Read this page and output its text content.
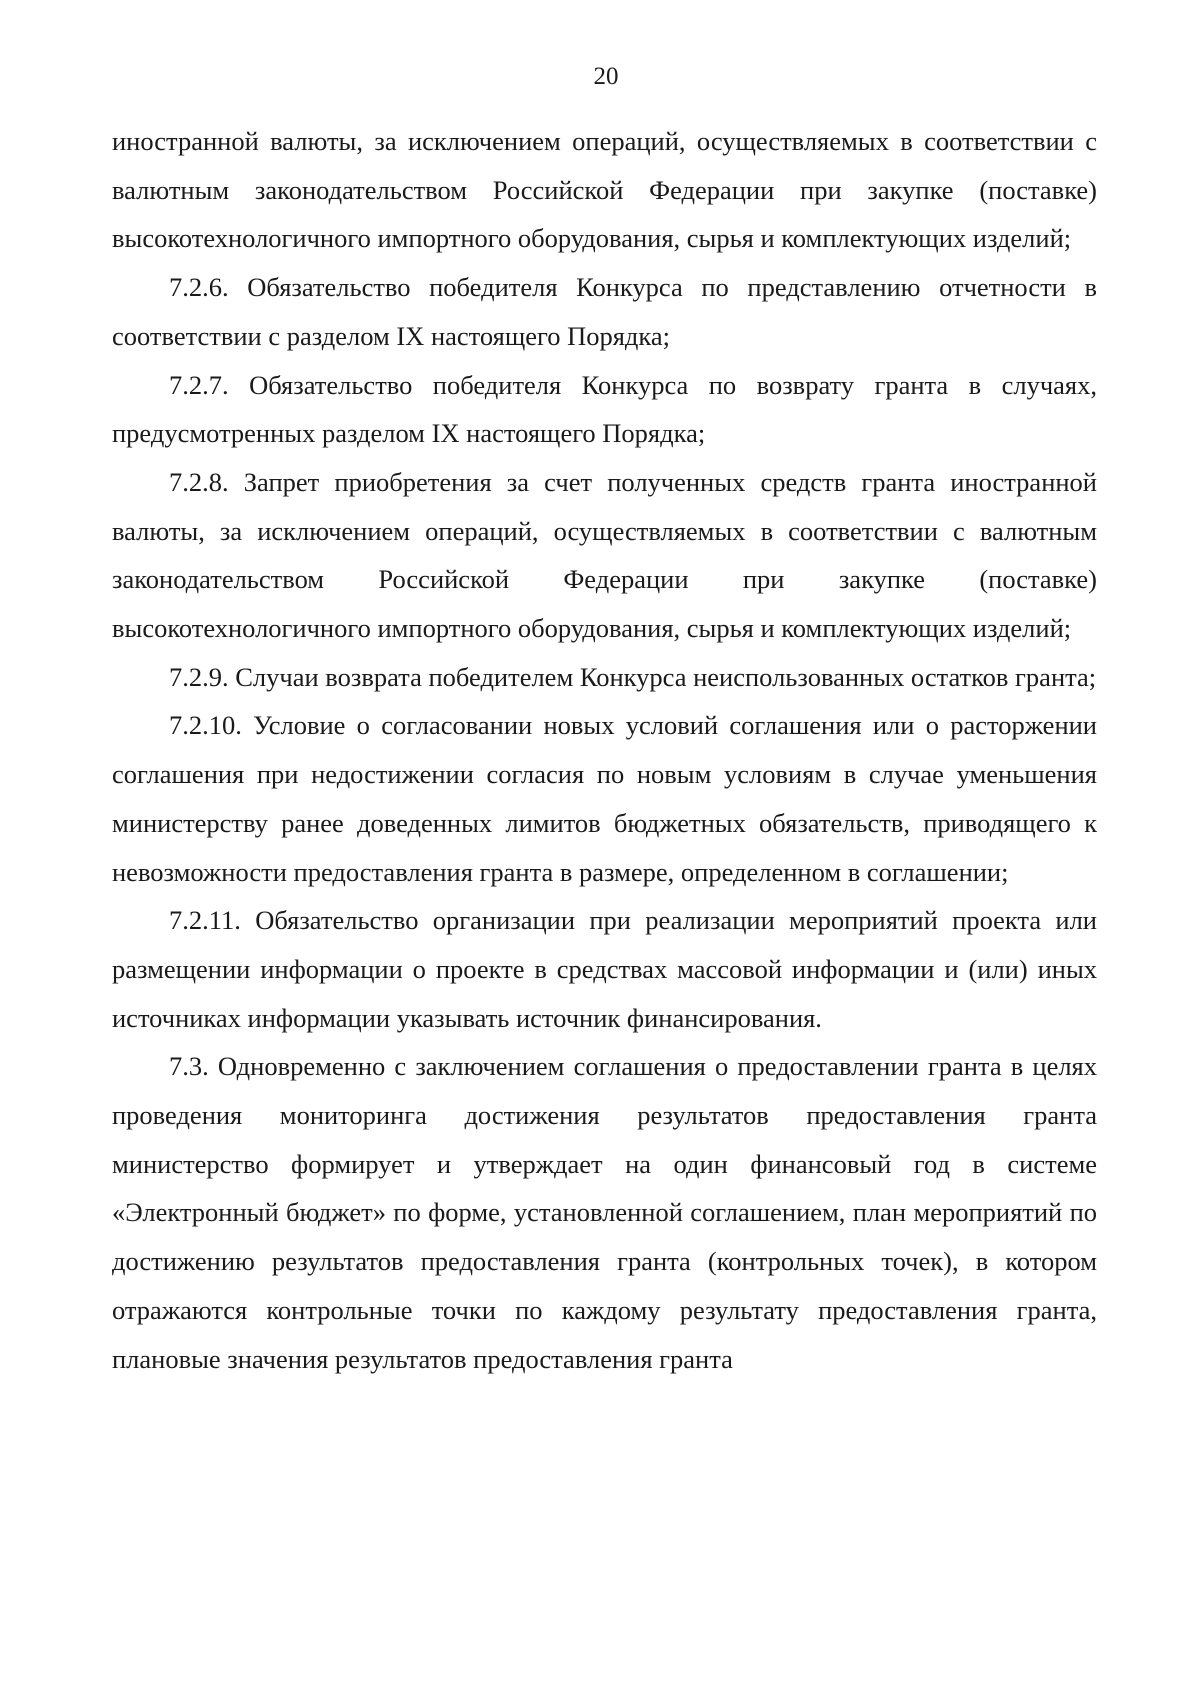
20

иностранной валюты, за исключением операций, осуществляемых в соответствии с валютным законодательством Российской Федерации при закупке (поставке) высокотехнологичного импортного оборудования, сырья и комплектующих изделий;

7.2.6. Обязательство победителя Конкурса по представлению отчетности в соответствии с разделом IX настоящего Порядка;

7.2.7. Обязательство победителя Конкурса по возврату гранта в случаях, предусмотренных разделом IX настоящего Порядка;

7.2.8. Запрет приобретения за счет полученных средств гранта иностранной валюты, за исключением операций, осуществляемых в соответствии с валютным законодательством Российской Федерации при закупке (поставке) высокотехнологичного импортного оборудования, сырья и комплектующих изделий;

7.2.9. Случаи возврата победителем Конкурса неиспользованных остатков гранта;

7.2.10. Условие о согласовании новых условий соглашения или о расторжении соглашения при недостижении согласия по новым условиям в случае уменьшения министерству ранее доведенных лимитов бюджетных обязательств, приводящего к невозможности предоставления гранта в размере, определенном в соглашении;

7.2.11. Обязательство организации при реализации мероприятий проекта или размещении информации о проекте в средствах массовой информации и (или) иных источниках информации указывать источник финансирования.

7.3. Одновременно с заключением соглашения о предоставлении гранта в целях проведения мониторинга достижения результатов предоставления гранта министерство формирует и утверждает на один финансовый год в системе «Электронный бюджет» по форме, установленной соглашением, план мероприятий по достижению результатов предоставления гранта (контрольных точек), в котором отражаются контрольные точки по каждому результату предоставления гранта, плановые значения результатов предоставления гранта
